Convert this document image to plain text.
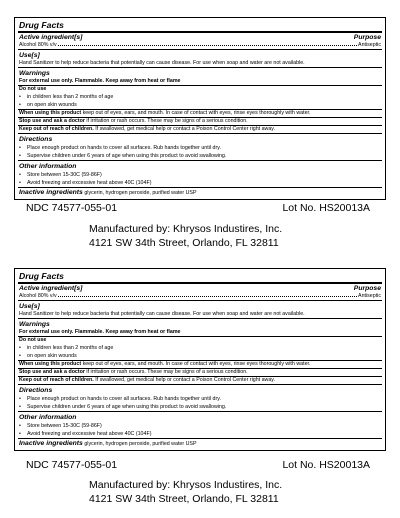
Drug Facts
Active ingredient[s]	Purpose
Alcohol 80% v/v	Antiseptic
Use[s]
Hand Sanitizer to help reduce bacteria that potentially can cause disease. For use when soap and water are not available.
Warnings
For external use only. Flammable. Keep away from heat or flame
Do not use
•	in children less than 2 months of age
•	on open skin wounds
When using this product keep out of eyes, ears, and mouth. In case of contact with eyes, rinse eyes thoroughly with water.
Stop use and ask a doctor if irritation or rash occurs. These may be signs of a serious condition.
Keep out of reach of children. If swallowed, get medical help or contact a Poison Control Center right away.
Directions
•	Place enough product on hands to cover all surfaces. Rub hands together until dry.
•	Supervise children under 6 years of age when using this product to avoid swallowing.
Other information
•	Store between 15-30C (59-86F)
•	Avoid freezing and excessive heat above 40C (104F)
Inactive ingredients glycerin, hydrogen peroxide, purified water USP
NDC 74577-055-01	Lot No. HS20013A
Manufactured by: Khrysos Industires, Inc.
4121 SW 34th Street, Orlando, FL 32811
Drug Facts
Active ingredient[s]	Purpose
Alcohol 80% v/v	Antiseptic
Use[s]
Hand Sanitizer to help reduce bacteria that potentially can cause disease. For use when soap and water are not available.
Warnings
For external use only. Flammable. Keep away from heat or flame
Do not use
•	in children less than 2 months of age
•	on open skin wounds
When using this product keep out of eyes, ears, and mouth. In case of contact with eyes, rinse eyes thoroughly with water.
Stop use and ask a doctor if irritation or rash occurs. These may be signs of a serious condition.
Keep out of reach of children. If swallowed, get medical help or contact a Poison Control Center right away.
Directions
•	Place enough product on hands to cover all surfaces. Rub hands together until dry.
•	Supervise children under 6 years of age when using this product to avoid swallowing.
Other information
•	Store between 15-30C (59-86F)
•	Avoid freezing and excessive heat above 40C (104F)
Inactive ingredients glycerin, hydrogen peroxide, purified water USP
NDC 74577-055-01	Lot No. HS20013A
Manufactured by: Khrysos Industires, Inc.
4121 SW 34th Street, Orlando, FL 32811
